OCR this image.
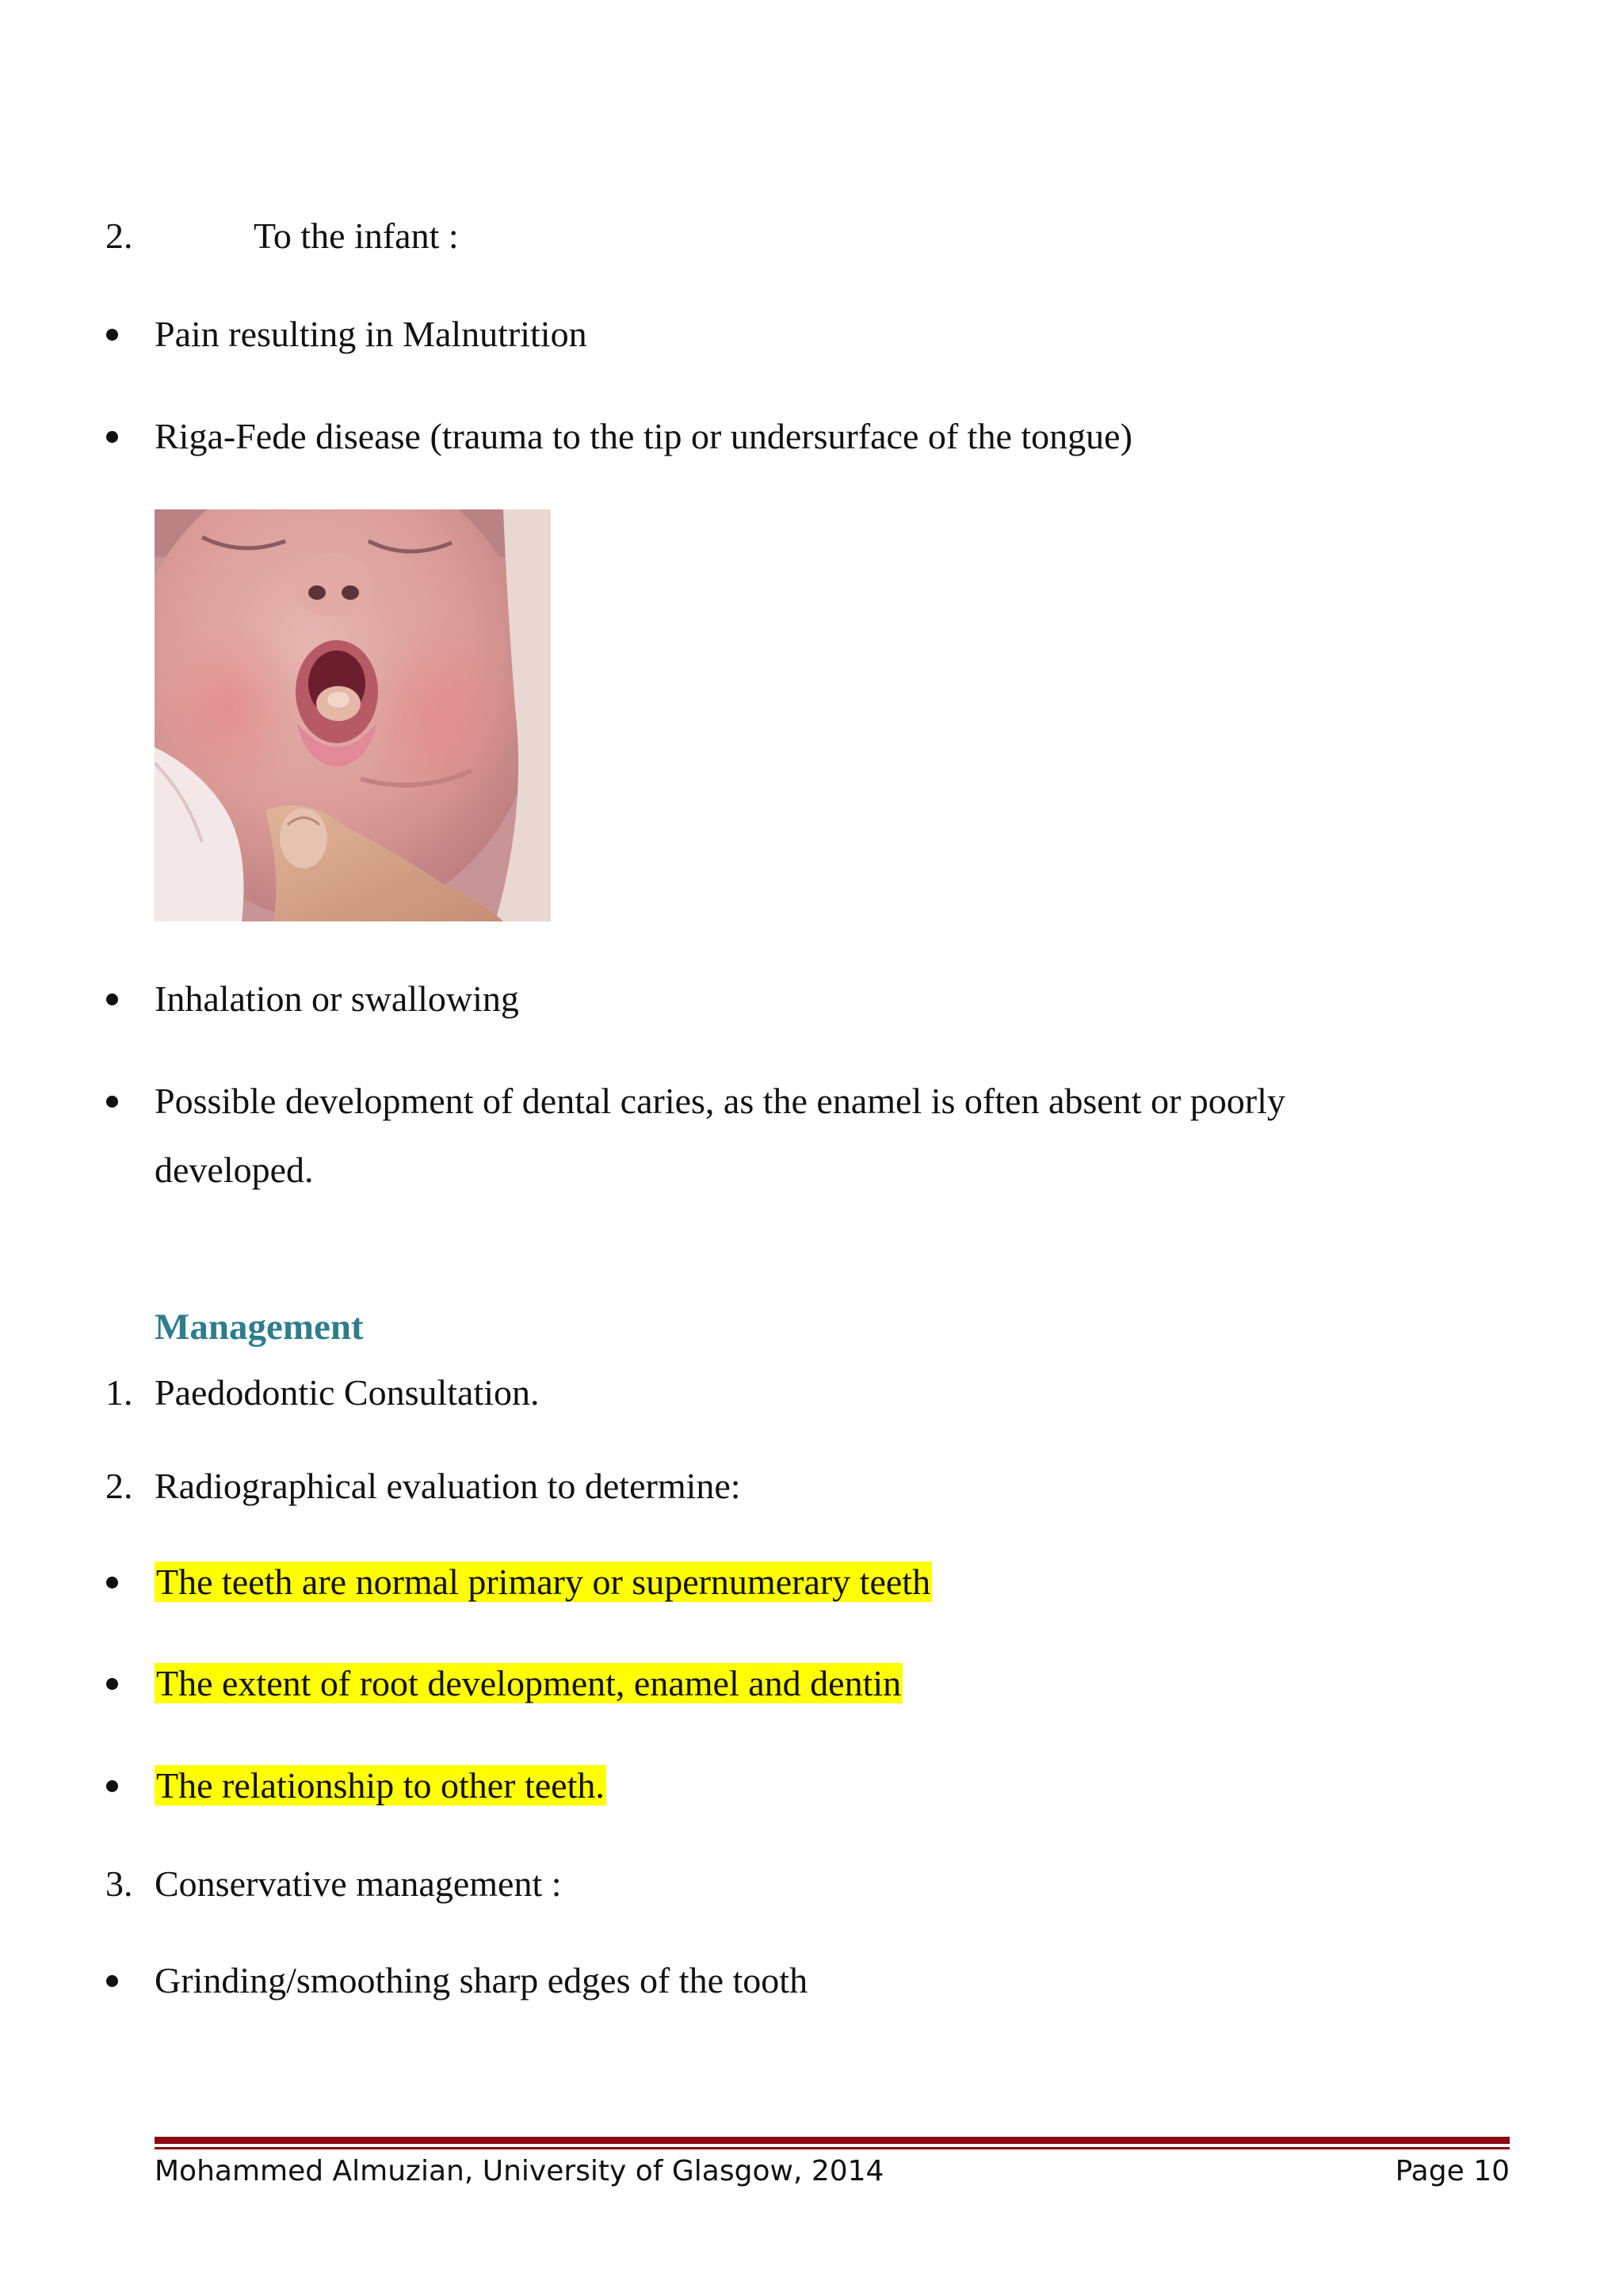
2.	To the infant :
Pain resulting in Malnutrition
Riga-Fede disease (trauma to the tip or undersurface of the tongue)
Inhalation or swallowing
Possible development of dental caries, as the enamel is often absent or poorly
developed.
Management
1. Paedodontic Consultation.
2. Radiographical evaluation to determine:
The teeth are normal primary or supernumerary teeth
The extent of root development, enamel and dentin
The relationship to other teeth.
3. Conservative management :
Grinding/smoothing sharp edges of the tooth
Mohammed Almuzian, University of Glasgow, 2014	Page 10
